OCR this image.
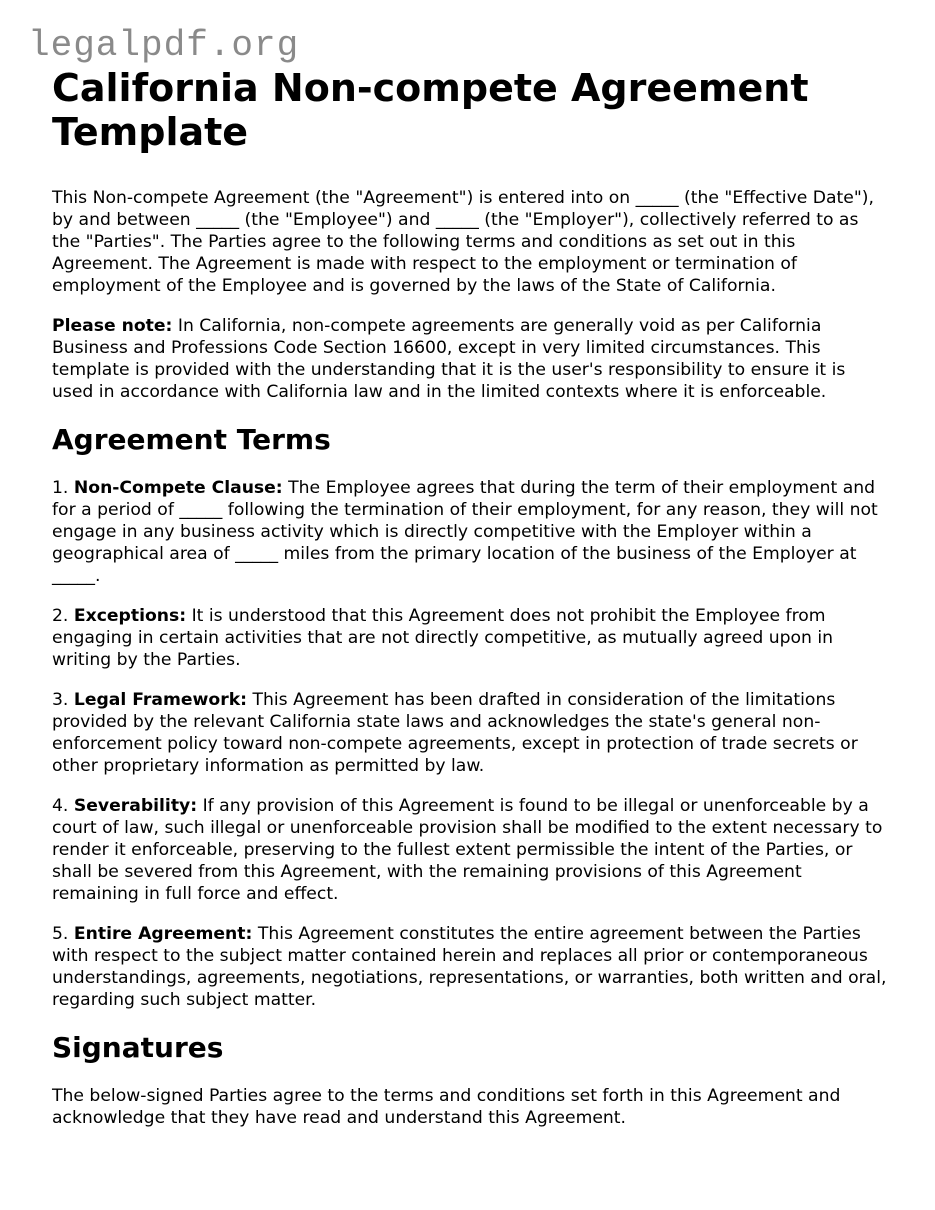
legalpdf.org
California Non-compete Agreement Template

This Non-compete Agreement (the "Agreement") is entered into on _____ (the "Effective Date"), by and between _____ (the "Employee") and _____ (the "Employer"), collectively referred to as the "Parties". The Parties agree to the following terms and conditions as set out in this Agreement. The Agreement is made with respect to the employment or termination of employment of the Employee and is governed by the laws of the State of California.

Please note: In California, non-compete agreements are generally void as per California Business and Professions Code Section 16600, except in very limited circumstances. This template is provided with the understanding that it is the user's responsibility to ensure it is used in accordance with California law and in the limited contexts where it is enforceable.

Agreement Terms

1. Non-Compete Clause: The Employee agrees that during the term of their employment and for a period of _____ following the termination of their employment, for any reason, they will not engage in any business activity which is directly competitive with the Employer within a geographical area of _____ miles from the primary location of the business of the Employer at _____.

2. Exceptions: It is understood that this Agreement does not prohibit the Employee from engaging in certain activities that are not directly competitive, as mutually agreed upon in writing by the Parties.

3. Legal Framework: This Agreement has been drafted in consideration of the limitations provided by the relevant California state laws and acknowledges the state's general non-enforcement policy toward non-compete agreements, except in protection of trade secrets or other proprietary information as permitted by law.

4. Severability: If any provision of this Agreement is found to be illegal or unenforceable by a court of law, such illegal or unenforceable provision shall be modified to the extent necessary to render it enforceable, preserving to the fullest extent permissible the intent of the Parties, or shall be severed from this Agreement, with the remaining provisions of this Agreement remaining in full force and effect.

5. Entire Agreement: This Agreement constitutes the entire agreement between the Parties with respect to the subject matter contained herein and replaces all prior or contemporaneous understandings, agreements, negotiations, representations, or warranties, both written and oral, regarding such subject matter.

Signatures

The below-signed Parties agree to the terms and conditions set forth in this Agreement and acknowledge that they have read and understand this Agreement.
